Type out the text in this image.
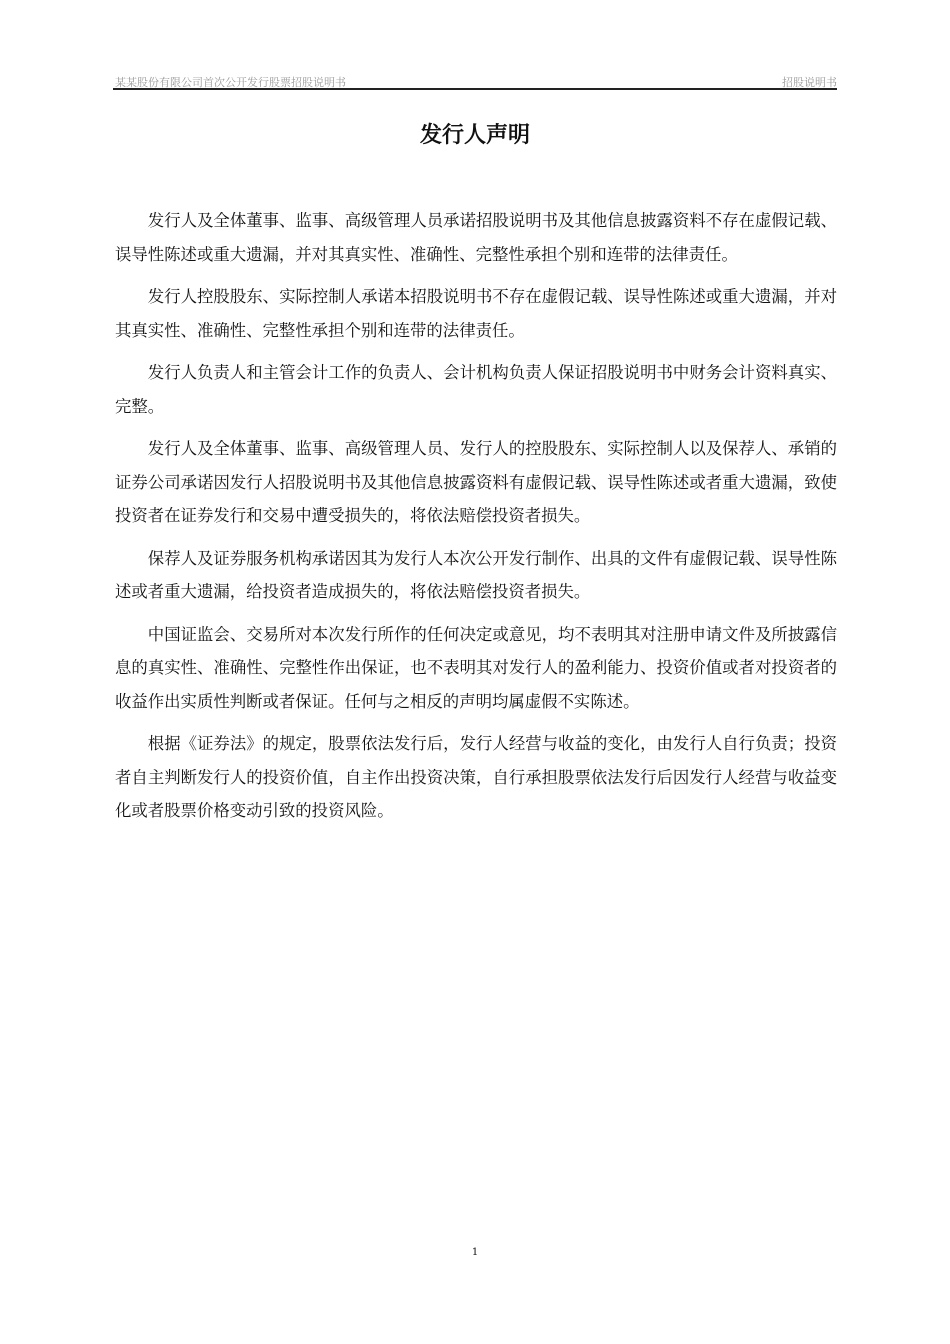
某某股份有限公司首次公开发行股票招股说明书	招股说明书
发行人声明

发行人及全体董事、监事、高级管理人员承诺招股说明书及其他信息披露资料不存在虚假记载、误导性陈述或重大遗漏，并对其真实性、准确性、完整性承担个别和连带的法律责任。

发行人控股股东、实际控制人承诺本招股说明书不存在虚假记载、误导性陈述或重大遗漏，并对其真实性、准确性、完整性承担个别和连带的法律责任。

发行人负责人和主管会计工作的负责人、会计机构负责人保证招股说明书中财务会计资料真实、完整。

发行人及全体董事、监事、高级管理人员、发行人的控股股东、实际控制人以及保荐人、承销的证券公司承诺因发行人招股说明书及其他信息披露资料有虚假记载、误导性陈述或者重大遗漏，致使投资者在证券发行和交易中遭受损失的，将依法赔偿投资者损失。

保荐人及证券服务机构承诺因其为发行人本次公开发行制作、出具的文件有虚假记载、误导性陈述或者重大遗漏，给投资者造成损失的，将依法赔偿投资者损失。

中国证监会、交易所对本次发行所作的任何决定或意见，均不表明其对注册申请文件及所披露信息的真实性、准确性、完整性作出保证，也不表明其对发行人的盈利能力、投资价值或者对投资者的收益作出实质性判断或者保证。任何与之相反的声明均属虚假不实陈述。

根据《证券法》的规定，股票依法发行后，发行人经营与收益的变化，由发行人自行负责；投资者自主判断发行人的投资价值，自主作出投资决策，自行承担股票依法发行后因发行人经营与收益变化或者股票价格变动引致的投资风险。

1
